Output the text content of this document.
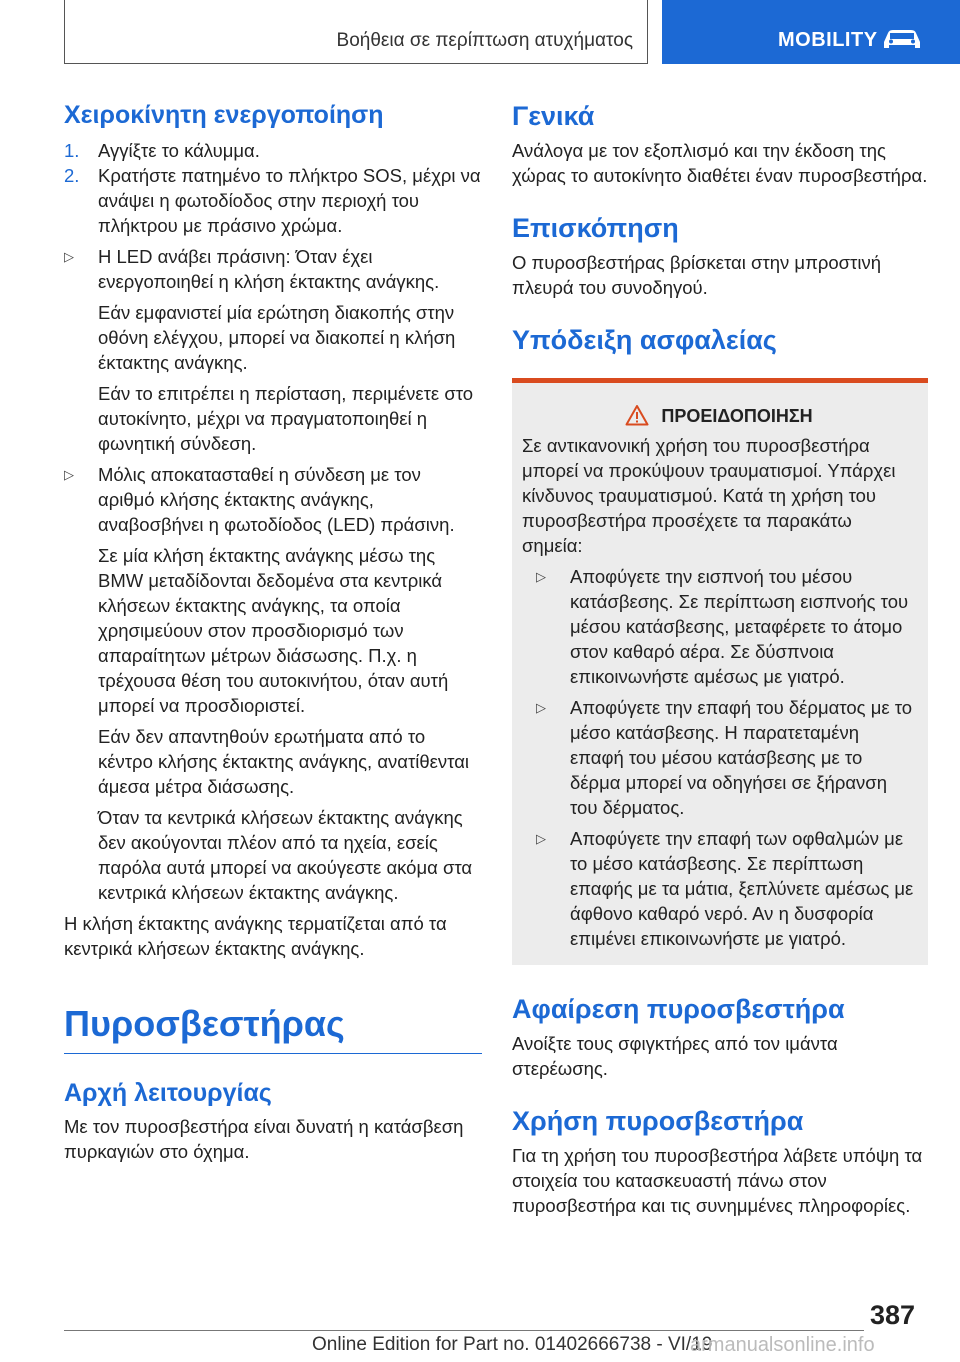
Βοήθεια σε περίπτωση ατυχήματος	MOBILITY
Χειροκίνητη ενεργοποίηση
1. Αγγίξτε το κάλυμμα.
2. Κρατήστε πατημένο το πλήκτρο SOS, μέχρι να ανάψει η φωτοδίοδος στην περιοχή του πλήκτρου με πράσινο χρώμα.
▷ Η LED ανάβει πράσινη: Όταν έχει ενεργοποιηθεί η κλήση έκτακτης ανάγκης.
Εάν εμφανιστεί μία ερώτηση διακοπής στην οθόνη ελέγχου, μπορεί να διακοπεί η κλήση έκτακτης ανάγκης.
Εάν το επιτρέπει η περίσταση, περιμένετε στο αυτοκίνητο, μέχρι να πραγματοποιηθεί η φωνητική σύνδεση.
▷ Μόλις αποκατασταθεί η σύνδεση με τον αριθμό κλήσης έκτακτης ανάγκης, αναβοσβήνει η φωτοδίοδος (LED) πράσινη.
Σε μία κλήση έκτακτης ανάγκης μέσω της BMW μεταδίδονται δεδομένα στα κεντρικά κλήσεων έκτακτης ανάγκης, τα οποία χρησιμεύουν στον προσδιορισμό των απαραίτητων μέτρων διάσωσης. Π.χ. η τρέχουσα θέση του αυτοκινήτου, όταν αυτή μπορεί να προσδιοριστεί.
Εάν δεν απαντηθούν ερωτήματα από το κέντρο κλήσης έκτακτης ανάγκης, ανατίθενται άμεσα μέτρα διάσωσης.
Όταν τα κεντρικά κλήσεων έκτακτης ανάγκης δεν ακούγονται πλέον από τα ηχεία, εσείς παρόλα αυτά μπορεί να ακούγεστε ακόμα στα κεντρικά κλήσεων έκτακτης ανάγκης.

Η κλήση έκτακτης ανάγκης τερματίζεται από τα κεντρικά κλήσεων έκτακτης ανάγκης.

Πυροσβεστήρας
Αρχή λειτουργίας

Με τον πυροσβεστήρα είναι δυνατή η κατάσβεση πυρκαγιών στο όχημα.

Γενικά

Ανάλογα με τον εξοπλισμό και την έκδοση της χώρας το αυτοκίνητο διαθέτει έναν πυροσβεστήρα.

Επισκόπηση

Ο πυροσβεστήρας βρίσκεται στην μπροστινή πλευρά του συνοδηγού.

Υπόδειξη ασφαλείας
ΠΡΟΕΙΔΟΠΟΙΗΣΗ

Σε αντικανονική χρήση του πυροσβεστήρα μπορεί να προκύψουν τραυματισμοί. Υπάρχει κίνδυνος τραυματισμού. Κατά τη χρήση του πυροσβεστήρα προσέχετε τα παρακάτω σημεία:

▷ Αποφύγετε την εισπνοή του μέσου κατάσβεσης. Σε περίπτωση εισπνοής του μέσου κατάσβεσης, μεταφέρετε το άτομο στον καθαρό αέρα. Σε δύσπνοια επικοινωνήστε αμέσως με γιατρό.
▷ Αποφύγετε την επαφή του δέρματος με το μέσο κατάσβεσης. Η παρατεταμένη επαφή του μέσου κατάσβεσης με το δέρμα μπορεί να οδηγήσει σε ξήρανση του δέρματος.
▷ Αποφύγετε την επαφή των οφθαλμών με το μέσο κατάσβεσης. Σε περίπτωση επαφής με τα μάτια, ξεπλύνετε αμέσως με άφθονο καθαρό νερό. Αν η δυσφορία επιμένει επικοινωνήστε με γιατρό.
Αφαίρεση πυροσβεστήρα

Ανοίξτε τους σφιγκτήρες από τον ιμάντα στερέωσης.

Χρήση πυροσβεστήρα

Για τη χρήση του πυροσβεστήρα λάβετε υπόψη τα στοιχεία του κατασκευαστή πάνω στον πυροσβεστήρα και τις συνημμένες πληροφορίες.

387
Online Edition for Part no. 01402666738 - VI/19
armanualsonline.info
